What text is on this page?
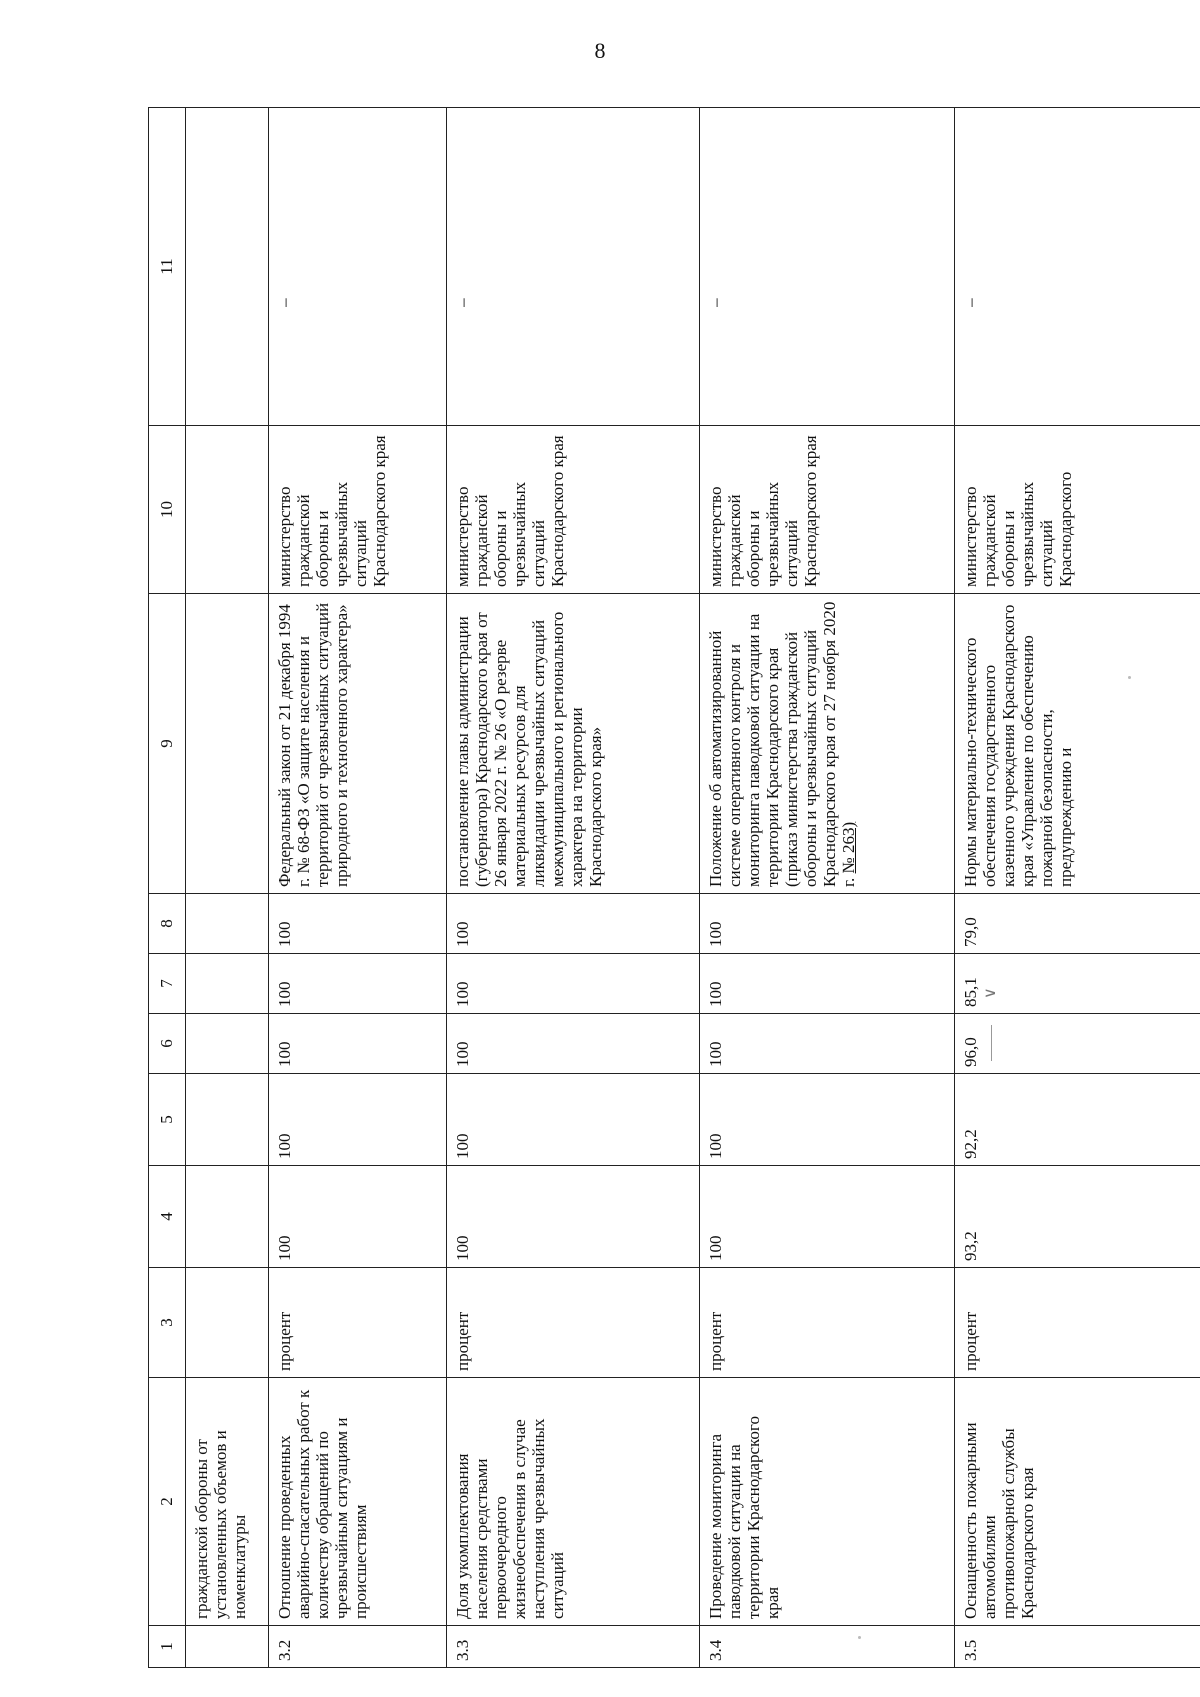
8
1	2	3	4	5	6	7	8	9	10	11
	гражданской обороны от установленных объемов и номенклатуры									
3.2	Отношение проведенных аварийно-спасательных работ к количеству обращений по чрезвычайным ситуациям и происшествиям	процент	100	100	100	100	100	Федеральный закон от 21 декабря 1994 г. № 68-ФЗ «О защите населения и территорий от чрезвычайных ситуаций природного и техногенного характера»	министерство гражданской обороны и чрезвычайных ситуаций Краснодарского края	–
3.3	Доля укомплектования населения средствами первоочередного жизнеобеспечения в случае наступления чрезвычайных ситуаций	процент	100	100	100	100	100	постановление главы администрации (губернатора) Краснодарского края от 26 января 2022 г. № 26 «О резерве материальных ресурсов для ликвидации чрезвычайных ситуаций межмуниципального и регионального характера на территории Краснодарского края»	министерство гражданской обороны и чрезвычайных ситуаций Краснодарского края	–
3.4	Проведение мониторинга паводковой ситуации на территории Краснодарского края	процент	100	100	100	100	100	Положение об автоматизированной системе оперативного контроля и мониторинга паводковой ситуации на территории Краснодарского края (приказ министерства гражданской обороны и чрезвычайных ситуаций Краснодарского края от 27 ноября 2020 г. № 263)	министерство гражданской обороны и чрезвычайных ситуаций Краснодарского края	–
3.5	Оснащенность пожарными автомобилями противопожарной службы Краснодарского края	процент	93,2	92,2	96,0	85,1 ∨	79,0	Нормы материально-технического обеспечения государственного казенного учреждения Краснодарского края «Управление по обеспечению пожарной безопасности, предупреждению и	министерство гражданской обороны и чрезвычайных ситуаций Краснодарского	–
